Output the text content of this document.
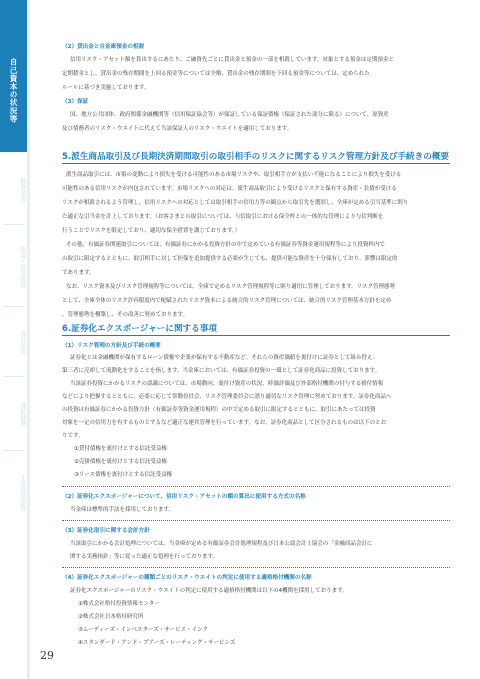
自己資本の状況等
財務諸表
損益・経営指標
役員状況
連結財務
主要経営指標
（2）貸出金と自金庫預金の相殺
信用リスク・アセット額を算出するにあたり、ご融資先ごとに貸出金と預金の一部を相殺しています。対象とする預金は定期預金と
定期積金とし、貸出金の残存期間を上回る預金等については全額、貸出金の残存期間を下回る預金等については、定められた
ルールに基づき実施しております。
（3）保証
国、地方公共団体、政府関係金融機関等（信用保証協会等）が保証している保証債権（保証された部分に限る）について、原資産
及び債務者のリスク・ウエイトに代えて当該保証人のリスク・ウエイトを適用しております。
5.派生商品取引及び長期決済期間取引の取引相手のリスクに関するリスク管理方針及び手続きの概要
派生商品取引には、市場の変動により損失を受ける可能性のある市場リスクや、取引相手方が支払い不能になることにより損失を受ける
可能性のある信用リスクが内包されています。市場リスクへの対応は、派生商品取引により受けるリスクと保有する資産・負債が受ける
リスクが相殺されるよう管理し、信用リスクへの対応としては取引相手の信用力等の観点から取引先を選別し、全庫が定める引当基準に則り
た適正な引当金を計上しております。（お客さまとの取引については、与信取引における保全枠との一体的な管理により与信判断を
行うことでリスクを限定しており、適切な保全措置を講じております。）
その他、有価証券関連取引については、有価証券にかかる投資方針の中で定めている有価証券等資金運用規程等により投資枠内で
の取引に限定するとともに、取引相手に対して担保を追加提供する必要が生じても、提供可能な資産を十分保有しており、影響は限定的
であります。
なお、リスク資本及びリスク管理規程等については、全庫で定めるリスク管理規程等に則り適切に管理しております。リスク管理態勢
として、全庫全体のリスク許容限度内で配賦されたリスク資本による統合的リスク管理については、統合的リスク管理基本方針を定め
、管理態勢を構築し、その改善に努めております。
6.証券化エクスポージャーに関する事項
（1）リスク管理の方針及び手続の概要
証券化とは金融機関が保有するローン債権や企業が保有する不動産など、それらの資産価値を裏付けに証券として組み替え、
第三者に売却して流動化をすることを指します。当金庫においては、有価証券投資の一環として証券化商品に投資しております。
当該証券投資にかかるリスクの認識については、市場動向、裏付け資産の状況、時価評価及び外部格付機関の付与する格付情報
などにより把握するとともに、必要に応じて常勤役員会、リスク管理委員会に諮り適切なリスク管理に努めております。証券化商品へ
の投資は有価証券にかかる投資方針（有価証券等資金運用規程）の中で定める取引に限定するとともに、取引にあたっては投資
対象を一定の信用力を有するものとするなど適正な運営管理を行っています。なお、証券化商品として区分されるものは以下のとお
りです。
①貸付債権を裏付けとする信託受益権
②売掛債権を裏付けとする信託受益権
③リース債権を裏付けとする信託受益権
（2）証券化エクスポージャーについて、信用リスク・アセットの額の算出に使用する方式の名称
当金庫は標準的手法を採用しております。
（3）証券化取引に関する会計方針
当該取引にかかる会計処理については、当金庫が定める有価証券会計処理規程及び日本公認会計士協会の「金融商品会計に
関する実務指針」等に従った適正な処理を行っております。
（4）証券化エクスポージャーの種類ごとのリスク・ウエイトの判定に使用する適格格付機関の名称
証券化エクスポージャーのリスク・ウエイトの判定に使用する適格格付機関は以下の4機関を採用しております。
①株式会社格付投資情報センター
②株式会社日本格付研究所
③ムーディーズ・インベスターズ・サービス・インク
④スタンダード・アンド・プアーズ・レーティング・サービシズ
29
